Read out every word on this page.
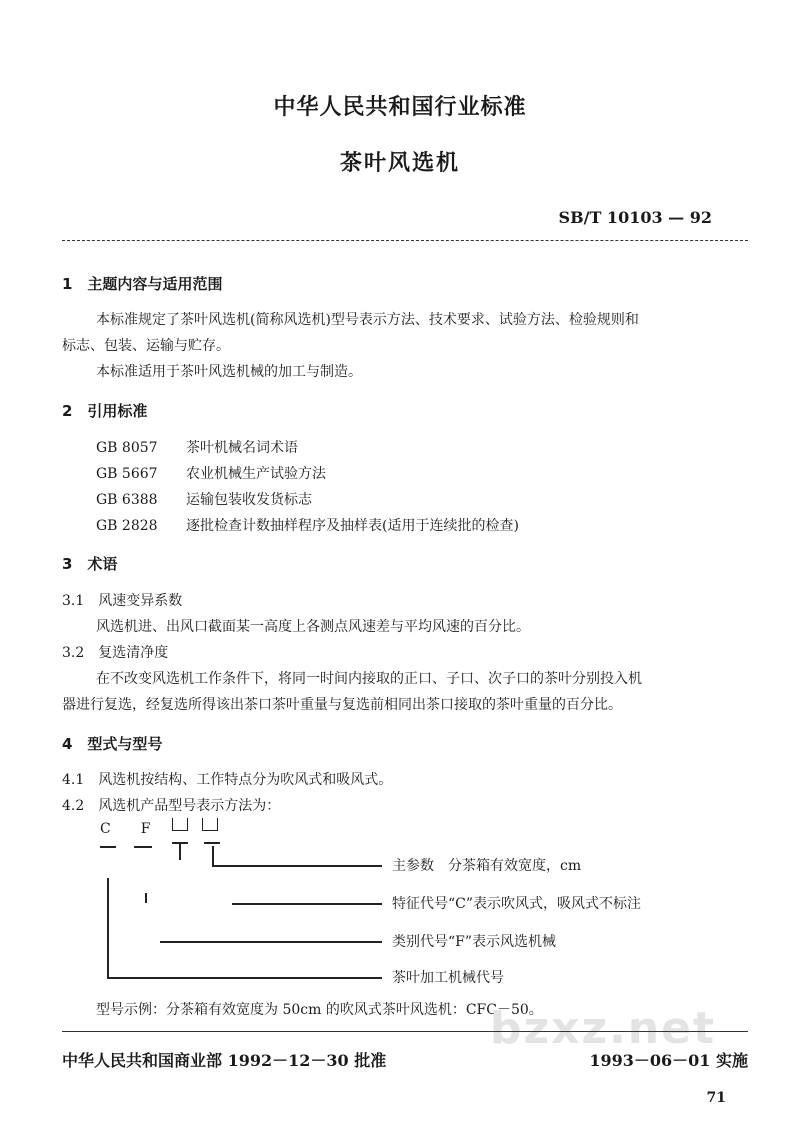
中华人民共和国行业标准
茶叶风选机
SB/T 10103 — 92
1　主题内容与适用范围
本标准规定了茶叶风选机(简称风选机)型号表示方法、技术要求、试验方法、检验规则和
标志、包装、运输与贮存。
本标准适用于茶叶风选机械的加工与制造。
2　引用标准
GB 8057 茶叶机械名词术语
GB 5667 农业机械生产试验方法
GB 6388 运输包装收发货标志
GB 2828 逐批检查计数抽样程序及抽样表(适用于连续批的检查)
3　术语
3.1　风速变异系数
风选机进、出风口截面某一高度上各测点风速差与平均风速的百分比。
3.2　复选清净度
在不改变风选机工作条件下，将同一时间内接取的正口、子口、次子口的茶叶分别投入机
器进行复选，经复选所得该出茶口茶叶重量与复选前相同出茶口接取的茶叶重量的百分比。
4　型式与型号
4.1　风选机按结构、工作特点分为吹风式和吸风式。
4.2　风选机产品型号表示方法为：
C　F
主参数　分茶箱有效宽度，cm
特征代号“C”表示吹风式，吸风式不标注
类别代号“F”表示风选机械
茶叶加工机械代号
型号示例：分茶箱有效宽度为 50cm 的吹风式茶叶风选机：CFC－50。
bzxz.net
中华人民共和国商业部 1992－12－30 批准	1993－06－01 实施
71
